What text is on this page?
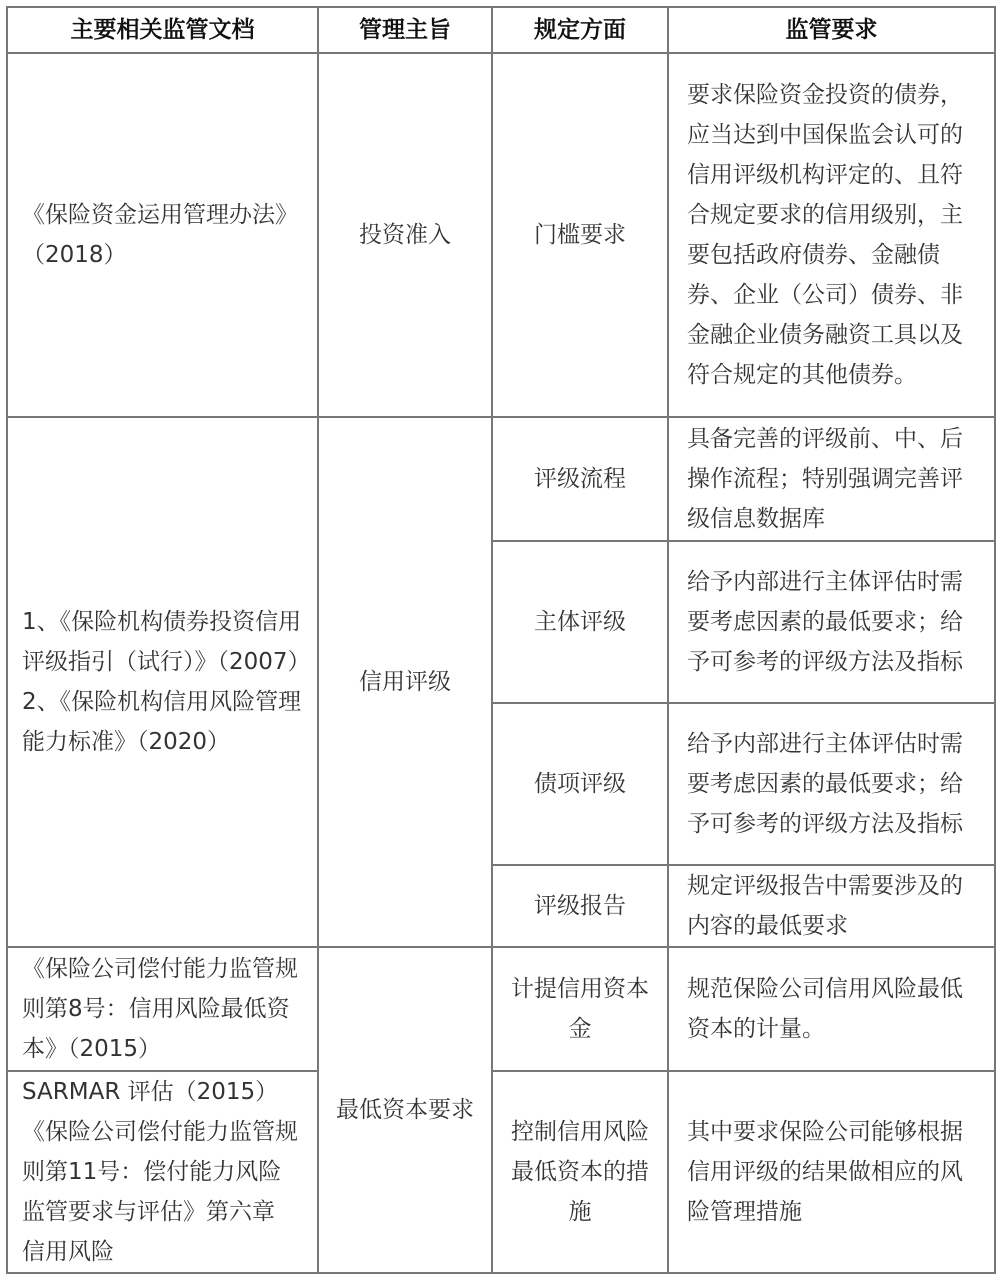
主要相关监管文档	管理主旨	规定方面	监管要求
《保险资金运用管理办法》（2018）	投资准入	门槛要求	要求保险资金投资的债券，应当达到中国保监会认可的信用评级机构评定的、且符合规定要求的信用级别，主要包括政府债券、金融债券、企业（公司）债券、非金融企业债务融资工具以及符合规定的其他债券。

1、《保险机构债券投资信用评级指引（试行）》（2007）
2、《保险机构信用风险管理能力标准》（2020）	信用评级	评级流程	具备完善的评级前、中、后操作流程；特别强调完善评级信息数据库
		主体评级	给予内部进行主体评估时需要考虑因素的最低要求；给予可参考的评级方法及指标
		债项评级	给予内部进行主体评估时需要考虑因素的最低要求；给予可参考的评级方法及指标
		评级报告	规定评级报告中需要涉及的内容的最低要求
《保险公司偿付能力监管规则第8号：信用风险最低资本》（2015）	最低资本要求	计提信用资本金	规范保险公司信用风险最低资本的计量。

SARMAR 评估（2015）
《保险公司偿付能力监管规则第11号：偿付能力风险监管要求与评估》第六章 信用风险		控制信用风险最低资本的措施	其中要求保险公司能够根据信用评级的结果做相应的风险管理措施
